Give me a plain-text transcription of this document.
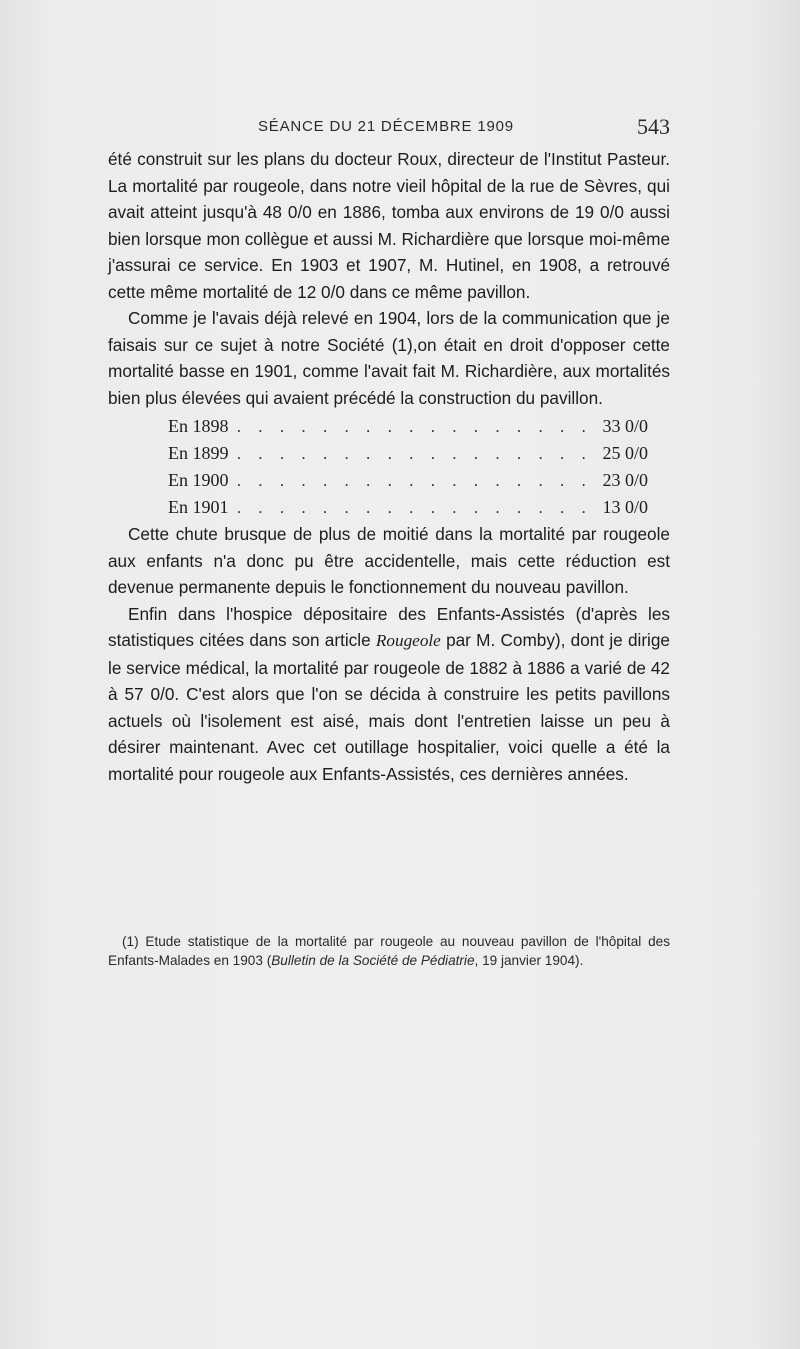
SÉANCE DU 21 DÉCEMBRE 1909	543

été construit sur les plans du docteur Roux, directeur de l'Institut Pasteur. La mortalité par rougeole, dans notre vieil hôpital de la rue de Sèvres, qui avait atteint jusqu'à 48 0/0 en 1886, tomba aux environs de 19 0/0 aussi bien lorsque mon collègue et aussi M. Richardière que lorsque moi-même j'assurai ce service. En 1903 et 1907, M. Hutinel, en 1908, a retrouvé cette même mortalité de 12 0/0 dans ce même pavillon.

Comme je l'avais déjà relevé en 1904, lors de la communication que je faisais sur ce sujet à notre Société (1),on était en droit d'opposer cette mortalité basse en 1901, comme l'avait fait M. Richardière, aux mortalités bien plus élevées qui avaient précédé la construction du pavillon.

En 1898 . . .	33 0/0
En 1899 . . .	25 0/0
En 1900 . . .	23 0/0
En 1901 . . .	13 0/0

Cette chute brusque de plus de moitié dans la mortalité par rougeole aux enfants n'a donc pu être accidentelle, mais cette réduction est devenue permanente depuis le fonctionnement du nouveau pavillon.

Enfin dans l'hospice dépositaire des Enfants-Assistés (d'après les statistiques citées dans son article Rougeole par M. Comby), dont je dirige le service médical, la mortalité par rougeole de 1882 à 1886 a varié de 42 à 57 0/0. C'est alors que l'on se décida à construire les petits pavillons actuels où l'isolement est aisé, mais dont l'entretien laisse un peu à désirer maintenant. Avec cet outillage hospitalier, voici quelle a été la mortalité pour rougeole aux Enfants-Assistés, ces dernières années.

(1) Etude statistique de la mortalité par rougeole au nouveau pavillon de l'hôpital des Enfants-Malades en 1903 (Bulletin de la Société de Pédiatrie, 19 janvier 1904).
